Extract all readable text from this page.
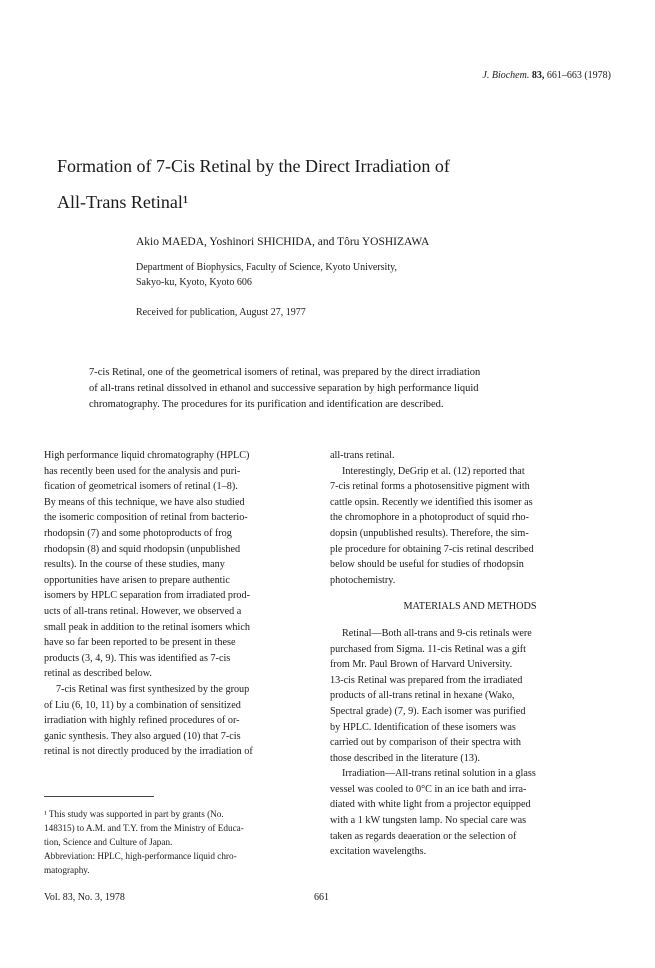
J. Biochem. 83, 661–663 (1978)
Formation of 7-Cis Retinal by the Direct Irradiation of
All-Trans Retinal¹
Akio MAEDA, Yoshinori SHICHIDA, and Tôru YOSHIZAWA
Department of Biophysics, Faculty of Science, Kyoto University,
Sakyo-ku, Kyoto, Kyoto 606
Received for publication, August 27, 1977
7-cis Retinal, one of the geometrical isomers of retinal, was prepared by the direct irradiation
of all-trans retinal dissolved in ethanol and successive separation by high performance liquid
chromatography. The procedures for its purification and identification are described.
High performance liquid chromatography (HPLC)
has recently been used for the analysis and puri-
fication of geometrical isomers of retinal (1–8).
By means of this technique, we have also studied
the isomeric composition of retinal from bacterio-
rhodopsin (7) and some photoproducts of frog
rhodopsin (8) and squid rhodopsin (unpublished
results). In the course of these studies, many
opportunities have arisen to prepare authentic
isomers by HPLC separation from irradiated prod-
ucts of all-trans retinal. However, we observed a
small peak in addition to the retinal isomers which
have so far been reported to be present in these
products (3, 4, 9). This was identified as 7-cis
retinal as described below.
7-cis Retinal was first synthesized by the group
of Liu (6, 10, 11) by a combination of sensitized
irradiation with highly refined procedures of or-
ganic synthesis. They also argued (10) that 7-cis
retinal is not directly produced by the irradiation of
all-trans retinal.
Interestingly, DeGrip et al. (12) reported that
7-cis retinal forms a photosensitive pigment with
cattle opsin. Recently we identified this isomer as
the chromophore in a photoproduct of squid rho-
dopsin (unpublished results). Therefore, the sim-
ple procedure for obtaining 7-cis retinal described
below should be useful for studies of rhodopsin
photochemistry.
MATERIALS AND METHODS
Retinal—Both all-trans and 9-cis retinals were
purchased from Sigma. 11-cis Retinal was a gift
from Mr. Paul Brown of Harvard University.
13-cis Retinal was prepared from the irradiated
products of all-trans retinal in hexane (Wako,
Spectral grade) (7, 9). Each isomer was purified
by HPLC. Identification of these isomers was
carried out by comparison of their spectra with
those described in the literature (13).
Irradiation—All-trans retinal solution in a glass
vessel was cooled to 0°C in an ice bath and irra-
diated with white light from a projector equipped
with a 1 kW tungsten lamp. No special care was
taken as regards deaeration or the selection of
excitation wavelengths.
¹ This study was supported in part by grants (No.
148315) to A.M. and T.Y. from the Ministry of Educa-
tion, Science and Culture of Japan.
Abbreviation: HPLC, high-performance liquid chro-
matography.
Vol. 83, No. 3, 1978	661
